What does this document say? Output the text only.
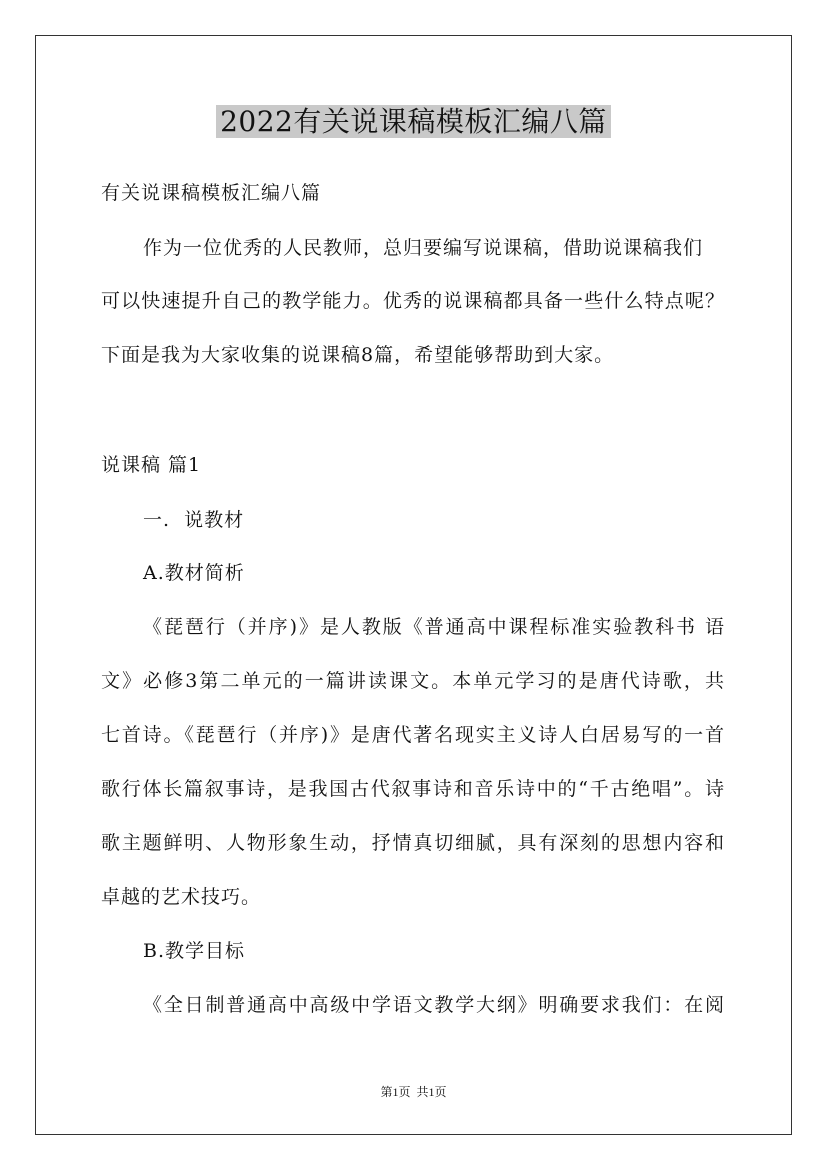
2022有关说课稿模板汇编八篇
有关说课稿模板汇编八篇
作为一位优秀的人民教师，总归要编写说课稿，借助说课稿我们
可以快速提升自己的教学能力。优秀的说课稿都具备一些什么特点呢？
下面是我为大家收集的说课稿8篇，希望能够帮助到大家。
说课稿 篇1
一.  说教材
A.教材简析
《琵琶行（并序)》是人教版《普通高中课程标准实验教科书 语
文》必修3第二单元的一篇讲读课文。本单元学习的是唐代诗歌，共
七首诗。《琵琶行（并序)》是唐代著名现实主义诗人白居易写的一首
歌行体长篇叙事诗，是我国古代叙事诗和音乐诗中的“千古绝唱”。诗
歌主题鲜明、人物形象生动，抒情真切细腻，具有深刻的思想内容和
卓越的艺术技巧。
B.教学目标
《全日制普通高中高级中学语文教学大纲》明确要求我们：在阅
第1页  共1页
